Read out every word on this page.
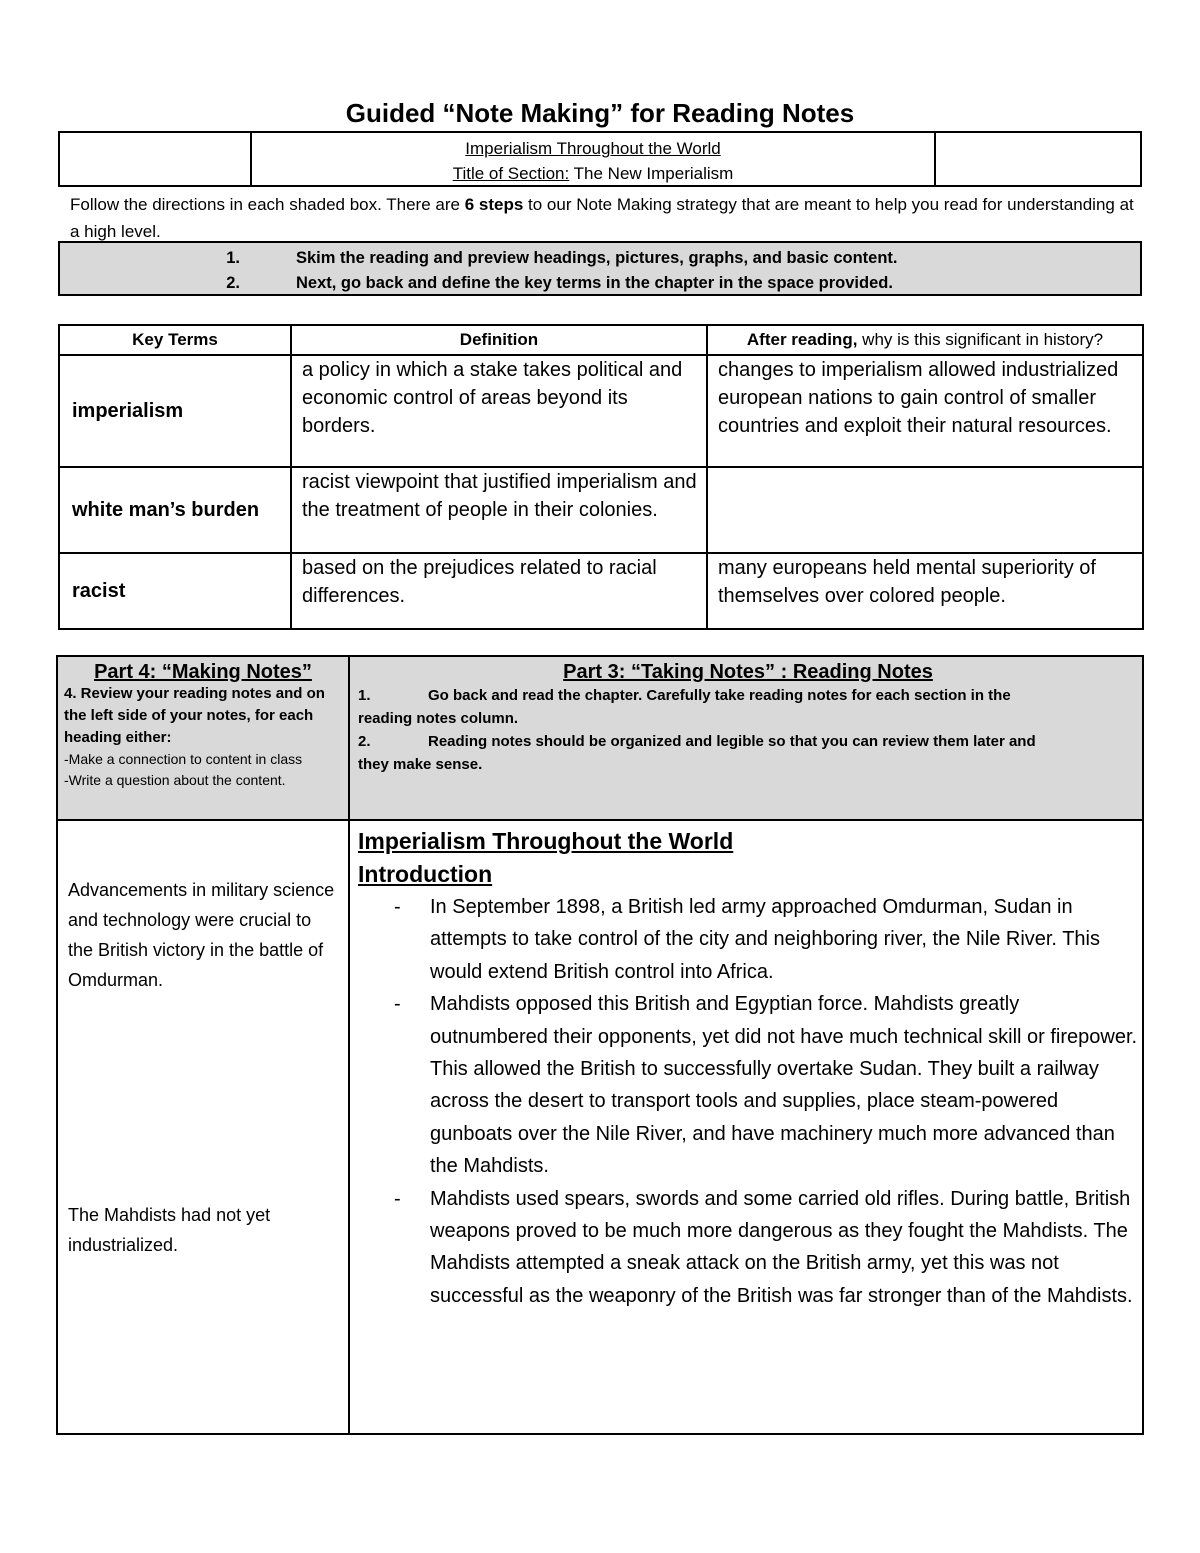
Guided “Note Making” for Reading Notes
Imperialism Throughout the World
Title of Section: The New Imperialism
Follow the directions in each shaded box. There are 6 steps to our Note Making strategy that are meant to help you read for understanding at a high level.
1.	Skim the reading and preview headings, pictures, graphs, and basic content.
2.	Next, go back and define the key terms in the chapter in the space provided.
Key Terms	Definition	After reading, why is this significant in history?
imperialism	a policy in which a stake takes political and economic control of areas beyond its borders.	changes to imperialism allowed industrialized european nations to gain control of smaller countries and exploit their natural resources.
white man’s burden	racist viewpoint that justified imperialism and the treatment of people in their colonies.	
racist	based on the prejudices related to racial differences.	many europeans held mental superiority of themselves over colored people.
Part 4: “Making Notes”
4. Review your reading notes and on the left side of your notes, for each heading either:
-Make a connection to content in class
-Write a question about the content.
Part 3: “Taking Notes” : Reading Notes
1.	Go back and read the chapter. Carefully take reading notes for each section in the
reading notes column.
2.	Reading notes should be organized and legible so that you can review them later and
they make sense.
Advancements in military science and technology were crucial to the British victory in the battle of Omdurman.
The Mahdists had not yet industrialized.
Imperialism Throughout the World
Introduction
-	In September 1898, a British led army approached Omdurman, Sudan in attempts to take control of the city and neighboring river, the Nile River. This would extend British control into Africa.
-	Mahdists opposed this British and Egyptian force. Mahdists greatly outnumbered their opponents, yet did not have much technical skill or firepower. This allowed the British to successfully overtake Sudan. They built a railway across the desert to transport tools and supplies, place steam-powered gunboats over the Nile River, and have machinery much more advanced than the Mahdists.
-	Mahdists used spears, swords and some carried old rifles. During battle, British weapons proved to be much more dangerous as they fought the Mahdists. The Mahdists attempted a sneak attack on the British army, yet this was not successful as the weaponry of the British was far stronger than of the Mahdists.
